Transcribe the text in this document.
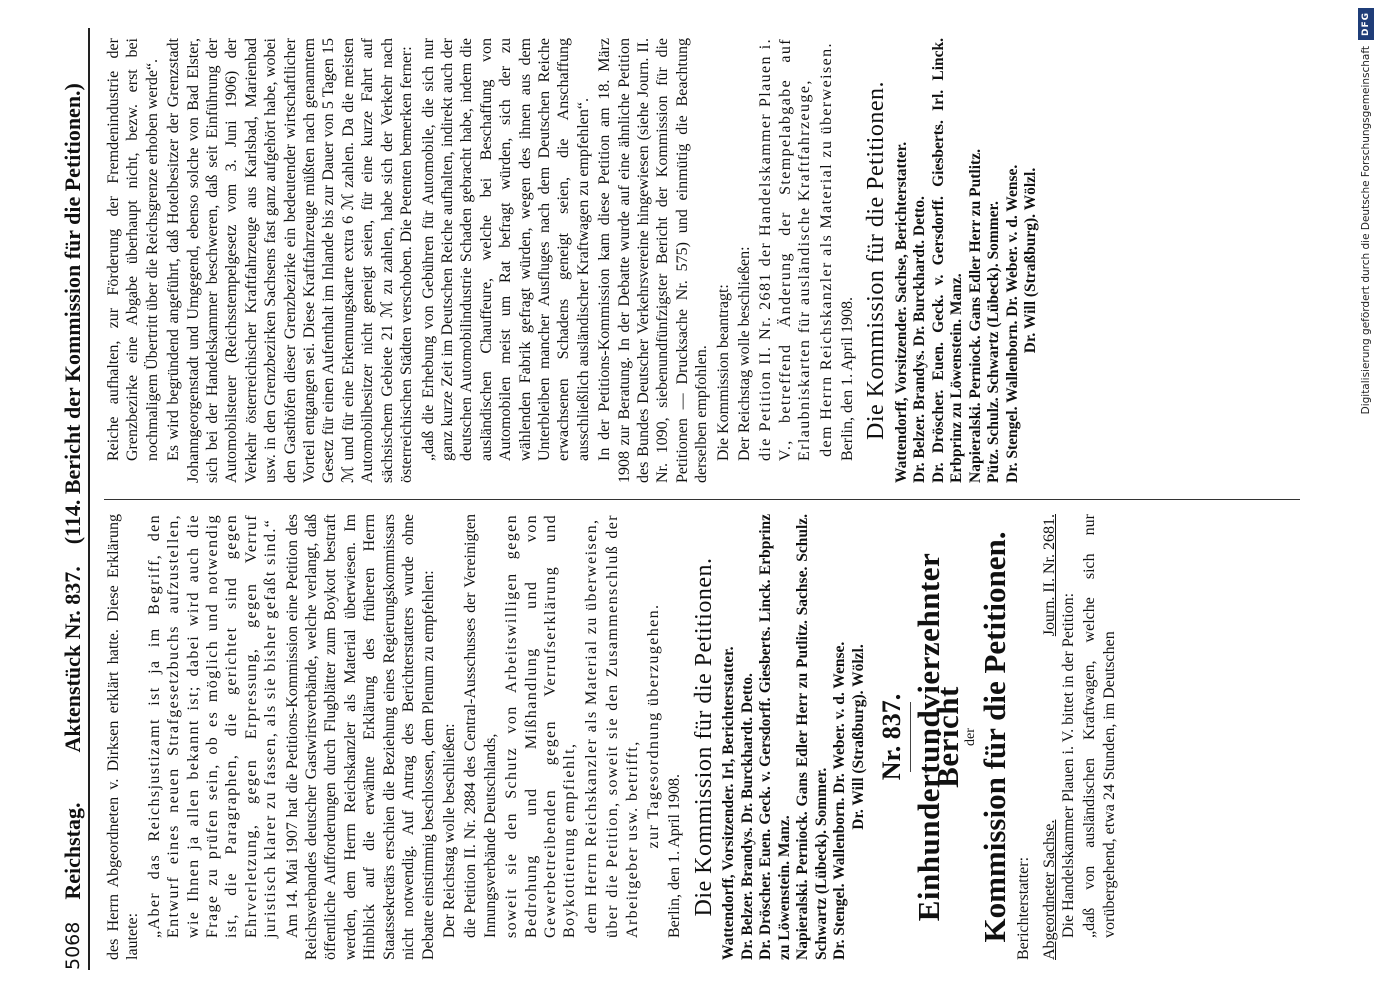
5068
Reichstag.
Aktenstück Nr. 837.
(114. Bericht der Kommission für die Petitionen.)

des Herrn Abgeordneten v. Dirksen erklärt hatte. Diese Erklärung lautete: „Aber das Reichsjustizamt ist ja im Begriff, den Entwurf eines neuen Strafgesetzbuchs aufzustellen, wie Ihnen ja allen bekannt ist; dabei wird auch die Frage zu prüfen sein, ob es möglich und notwendig ist, die Paragraphen, die gerichtet sind gegen Ehrverletzung, gegen Erpressung, gegen Verruf juristisch klarer zu fassen, als sie bisher gefaßt sind.“ Am 14. Mai 1907 hat die Petitions-Kommission eine Petition des Reichsverbandes deutscher Gastwirtsverbände, welche verlangt, daß öffentliche Aufforderungen durch Flugblätter zum Boykott bestraft werden, dem Herrn Reichskanzler als Material überwiesen. Im Hinblick auf die erwähnte Erklärung des früheren Herrn Staatssekretärs erschien die Beziehung eines Regierungskommissars nicht notwendig. Auf Antrag des Berichterstatters wurde ohne Debatte einstimmig beschlossen, dem Plenum zu empfehlen: Der Reichstag wolle beschließen: die Petition II. Nr. 2884 des Central-Ausschusses der Vereinigten Innungsverbände Deutschlands, soweit sie den Schutz von Arbeitswilligen gegen Bedrohung und Mißhandlung und von Gewerbetreibenden gegen Verrufserklärung und Boykottierung empfiehlt, dem Herrn Reichskanzler als Material zu überweisen, über die Petition, soweit sie den Zusammenschluß der Arbeitgeber usw. betrifft, zur Tagesordnung überzugehen.

Berlin, den 1. April 1908. Die Kommission für die Petitionen. Wattendorff, Vorsitzender. Irl, Berichterstatter. Dr. Belzer. Brandys. Dr. Burckhardt. Detto. Dr. Dröscher. Euen. Geck. v. Gersdorff. Giesberts. Linck. Erbprinz zu Löwenstein. Manz. Napieralski. Perniock. Gans Edler Herr zu Putlitz. Sachse. Schulz. Schwartz (Lübeck). Sommer. Dr. Stengel. Wallenborn. Dr. Weber. v. d. Wense. Dr. Will (Straßburg). Wölzl. Nr. 837. Einhundertundvierzehnter Bericht
der
Kommission für die Petitionen. Berichterstatter: Abgeordneter Sachse.
Journ. II. Nr. 2681.

Die Handelskammer Plauen i. V. bittet in der Petition: „daß von ausländischen Kraftwagen, welche sich nur vorübergehend, etwa 24 Stunden, im Deutschen

Reiche aufhalten, zur Förderung der Fremdenindustrie der Grenzbezirke eine Abgabe überhaupt nicht, bezw. erst bei nochmaligem Übertritt über die Reichsgrenze erhoben werde“. Es wird begründend angeführt, daß Hotelbesitzer der Grenzstadt Johanngeorgenstadt und Umgegend, ebenso solche von Bad Elster, sich bei der Handelskammer beschweren, daß seit Einführung der Automobilsteuer (Reichsstempelgesetz vom 3. Juni 1906) der Verkehr österreichischer Kraftfahrzeuge aus Karlsbad, Marienbad usw. in den Grenzbezirken Sachsens fast ganz aufgehört habe, wobei den Gasthöfen dieser Grenzbezirke ein bedeutender wirtschaftlicher Vorteil entgangen sei. Diese Kraftfahrzeuge müßten nach genanntem Gesetz für einen Aufenthalt im Inlande bis zur Dauer von 5 Tagen 15 ℳ und für eine Erkennungskarte extra 6 ℳ zahlen. Da die meisten Automobilbesitzer nicht geneigt seien, für eine kurze Fahrt auf sächsischem Gebiete 21 ℳ zu zahlen, habe sich der Verkehr nach österreichischen Städten verschoben. Die Petenten bemerken ferner: „daß die Erhebung von Gebühren für Automobile, die sich nur ganz kurze Zeit im Deutschen Reiche aufhalten, indirekt auch der deutschen Automobilindustrie Schaden gebracht habe, indem die ausländischen Chauffeure, welche bei Beschaffung von Automobilen meist um Rat befragt würden, sich der zu wählenden Fabrik gefragt würden, wegen des ihnen aus dem Unterbleiben mancher Ausfluges nach dem Deutschen Reiche erwachsenen Schadens geneigt seien, die Anschaffung ausschließlich ausländischer Kraftwagen zu empfehlen“. In der Petitions-Kommission kam diese Petition am 18. März 1908 zur Beratung. In der Debatte wurde auf eine ähnliche Petition des Bundes Deutscher Verkehrsvereine hingewiesen (siehe Journ. II. Nr. 1090, siebenundfünfzigster Bericht der Kommission für die Petitionen — Drucksache Nr. 575) und einmütig die Beachtung derselben empfohlen. Die Kommission beantragt: Der Reichstag wolle beschließen: die Petition II. Nr. 2681 der Handelskammer Plauen i. V., betreffend Änderung der Stempelabgabe auf Erlaubniskarten für ausländische Kraftfahrzeuge, dem Herrn Reichskanzler als Material zu überweisen. Berlin, den 1. April 1908. Die Kommission für die Petitionen. Wattendorff, Vorsitzender. Sachse, Berichterstatter. Dr. Belzer. Brandys. Dr. Burckhardt. Detto. Dr. Dröscher. Euen. Geck. v. Gersdorff. Giesberts. Irl. Linck. Erbprinz zu Löwenstein. Manz. Napieralski. Perniock. Gans Edler Herr zu Putlitz. Pütz. Schulz. Schwartz (Lübeck). Sommer. Dr. Stengel. Wallenborn. Dr. Weber. v. d. Wense. Dr. Will (Straßburg). Wölzl.
DFG
Digitalisierung gefördert durch die Deutsche Forschungsgemeinschaft
